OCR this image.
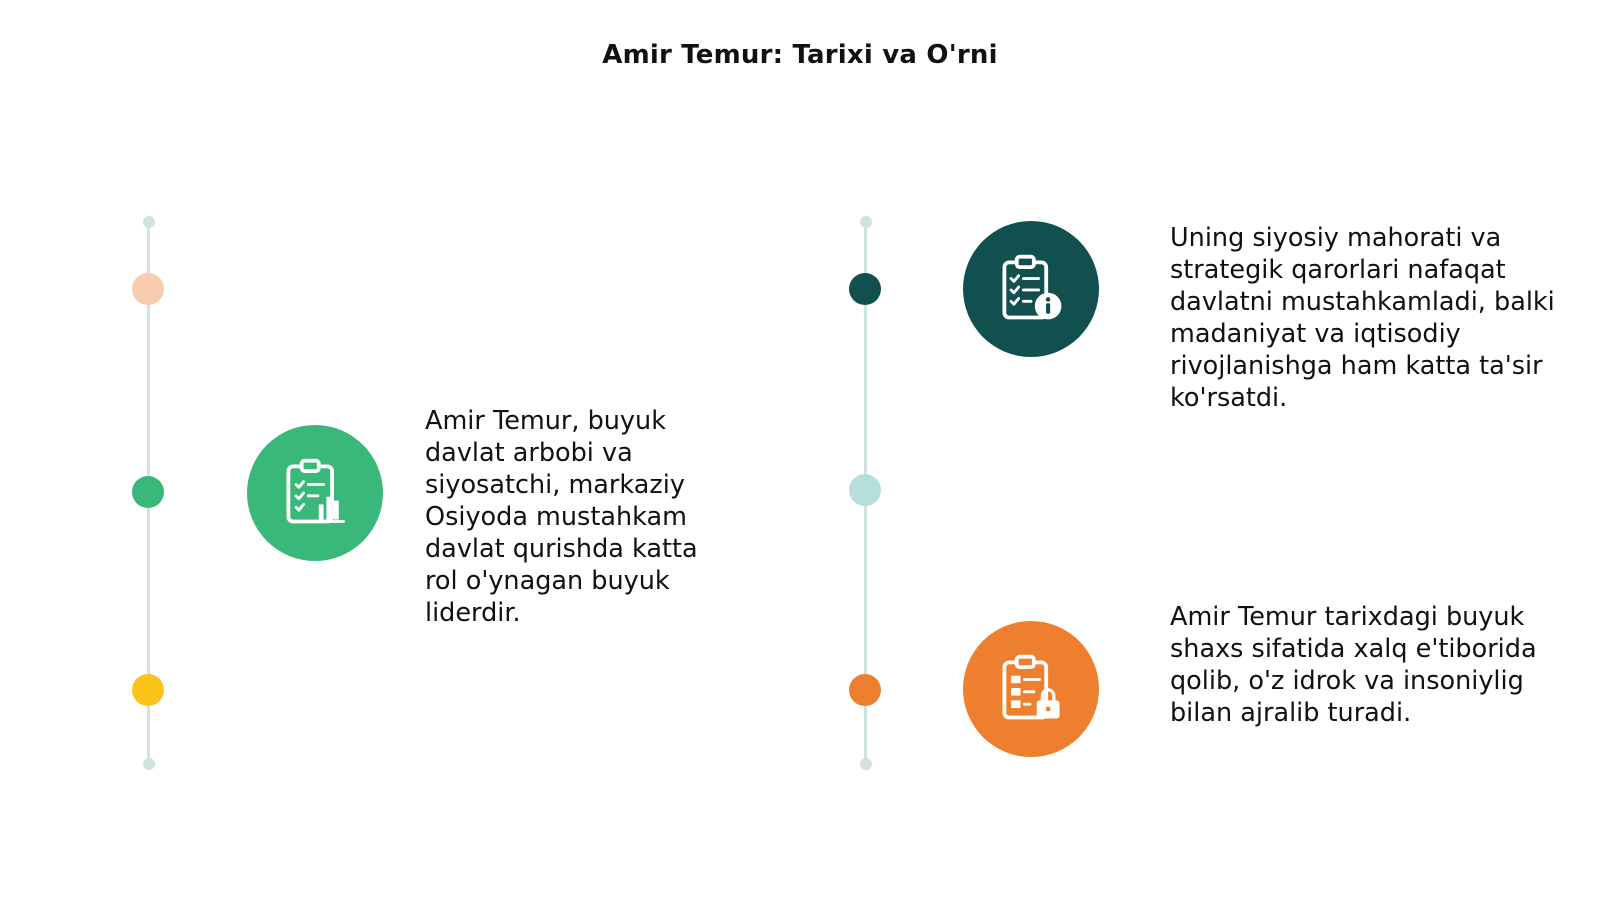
Amir Temur: Tarixi va O'rni
Amir Temur, buyuk davlat arbobi va siyosatchi, markaziy Osiyoda mustahkam davlat qurishda katta rol o'ynagan buyuk liderdir.
Uning siyosiy mahorati va strategik qarorlari nafaqat davlatni mustahkamladi, balki madaniyat va iqtisodiy rivojlanishga ham katta ta'sir ko'rsatdi.
Amir Temur tarixdagi buyuk shaxs sifatida xalq e'tiborida qolib, o'z idrok va insoniylig bilan ajralib turadi.
